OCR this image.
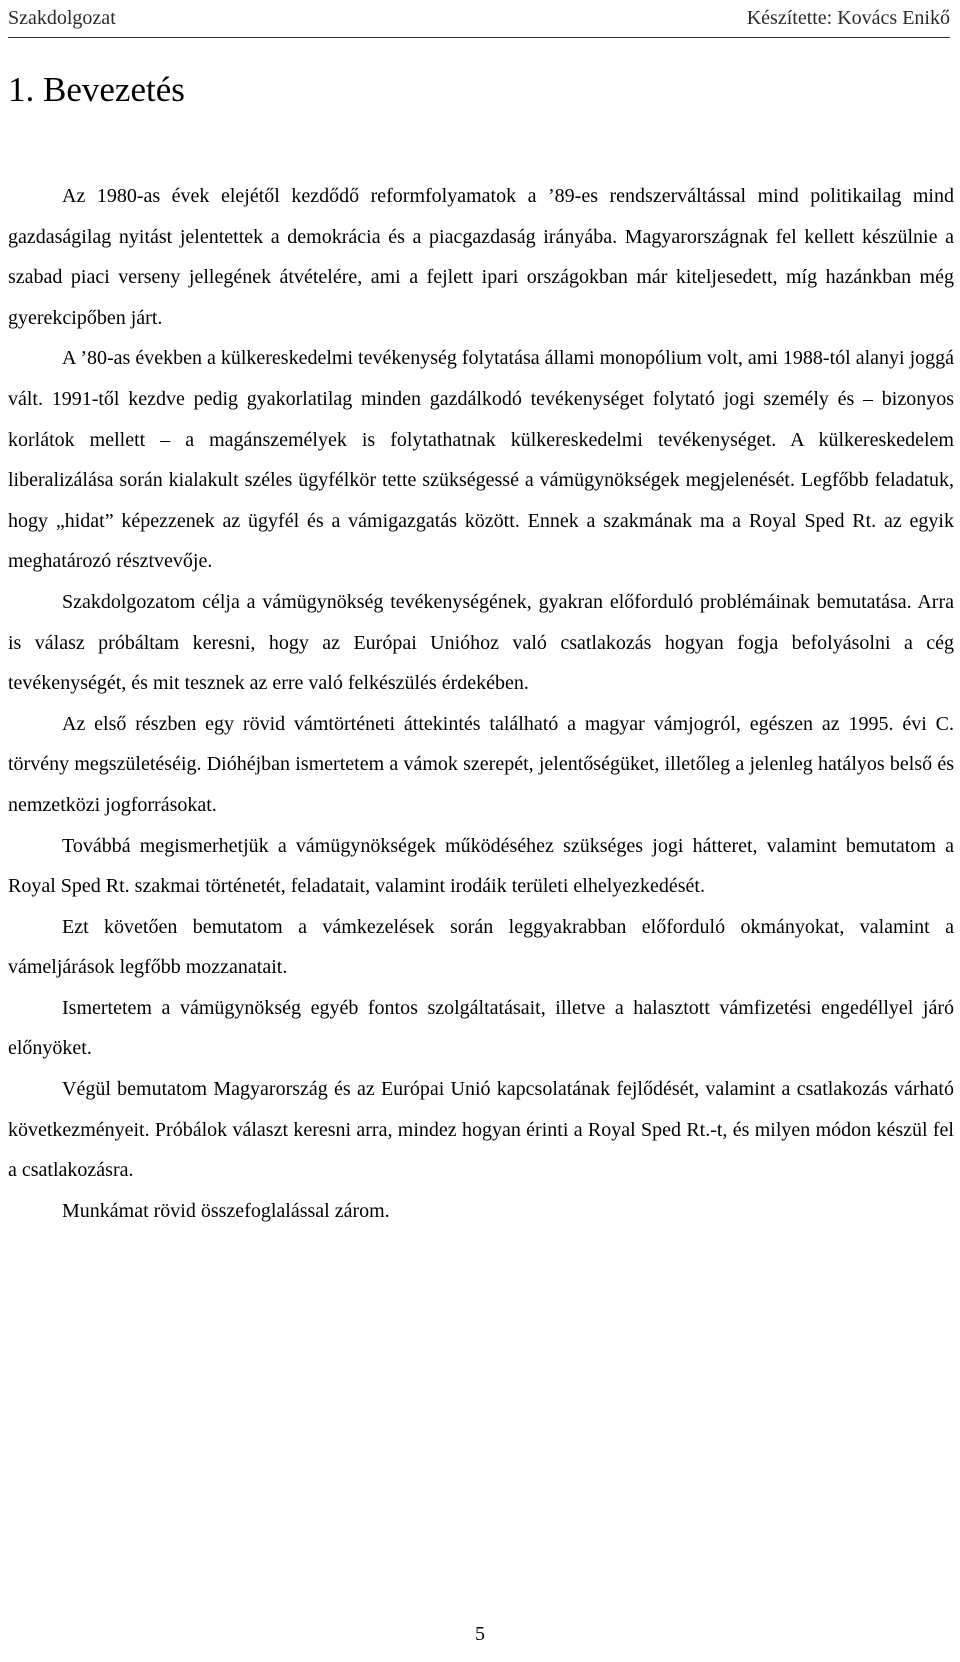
Szakdolgozat	Készítette: Kovács Enikő
1. Bevezetés

Az 1980-as évek elejétől kezdődő reformfolyamatok a ’89-es rendszerváltással mind politikailag mind gazdaságilag nyitást jelentettek a demokrácia és a piacgazdaság irányába. Magyarországnak fel kellett készülnie a szabad piaci verseny jellegének átvételére, ami a fejlett ipari országokban már kiteljesedett, míg hazánkban még gyerekcipőben járt.

A ’80-as években a külkereskedelmi tevékenység folytatása állami monopólium volt, ami 1988-tól alanyi joggá vált. 1991-től kezdve pedig gyakorlatilag minden gazdálkodó tevékenységet folytató jogi személy és – bizonyos korlátok mellett – a magánszemélyek is folytathatnak külkereskedelmi tevékenységet. A külkereskedelem liberalizálása során kialakult széles ügyfélkör tette szükségessé a vámügynökségek megjelenését. Legfőbb feladatuk, hogy „hidat” képezzenek az ügyfél és a vámigazgatás között. Ennek a szakmának ma a Royal Sped Rt. az egyik meghatározó résztvevője.

Szakdolgozatom célja a vámügynökség tevékenységének, gyakran előforduló problémáinak bemutatása. Arra is válasz próbáltam keresni, hogy az Európai Unióhoz való csatlakozás hogyan fogja befolyásolni a cég tevékenységét, és mit tesznek az erre való felkészülés érdekében.

Az első részben egy rövid vámtörténeti áttekintés található a magyar vámjogról, egészen az 1995. évi C. törvény megszületéséig. Dióhéjban ismertetem a vámok szerepét, jelentőségüket, illetőleg a jelenleg hatályos belső és nemzetközi jogforrásokat.

Továbbá megismerhetjük a vámügynökségek működéséhez szükséges jogi hátteret, valamint bemutatom a Royal Sped Rt. szakmai történetét, feladatait, valamint irodáik területi elhelyezkedését.

Ezt követően bemutatom a vámkezelések során leggyakrabban előforduló okmányokat, valamint a vámeljárások legfőbb mozzanatait.

Ismertetem a vámügynökség egyéb fontos szolgáltatásait, illetve a halasztott vámfizetési engedéllyel járó előnyöket.

Végül bemutatom Magyarország és az Európai Unió kapcsolatának fejlődését, valamint a csatlakozás várható következményeit. Próbálok választ keresni arra, mindez hogyan érinti a Royal Sped Rt.-t, és milyen módon készül fel a csatlakozásra.

Munkámat rövid összefoglalással zárom.

5
